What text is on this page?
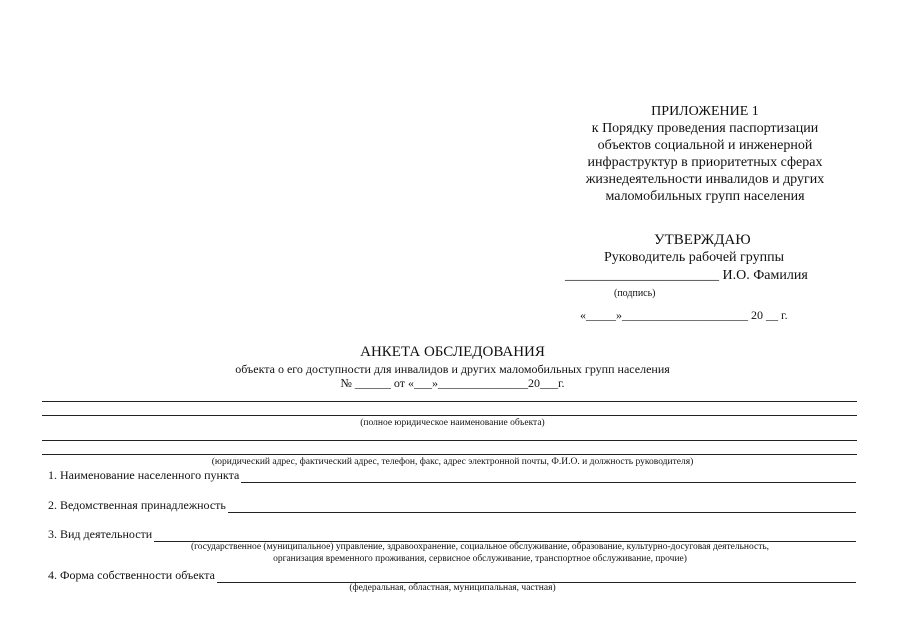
ПРИЛОЖЕНИЕ 1
к Порядку проведения паспортизации
объектов социальной и инженерной
инфраструктур в приоритетных сферах
жизнедеятельности инвалидов и других
маломобильных групп населения
УТВЕРЖДАЮ
Руководитель рабочей группы
______________________ И.О. Фамилия
(подпись)
«_____»_____________________ 20 __ г.
АНКЕТА ОБСЛЕДОВАНИЯ
объекта о его доступности для инвалидов и других маломобильных групп населения
№ ______ от «___»_______________20___г.
(полное юридическое наименование объекта)
(юридический адрес, фактический адрес, телефон, факс, адрес электронной почты, Ф.И.О. и должность руководителя)
1. Наименование населенного пункта
2. Ведомственная принадлежность
3. Вид деятельности
(государственное (муниципальное) управление, здравоохранение, социальное обслуживание, образование, культурно-досуговая деятельность,
организация временного проживания, сервисное обслуживание, транспортное обслуживание, прочие)
4. Форма собственности объекта
(федеральная, областная, муниципальная, частная)
